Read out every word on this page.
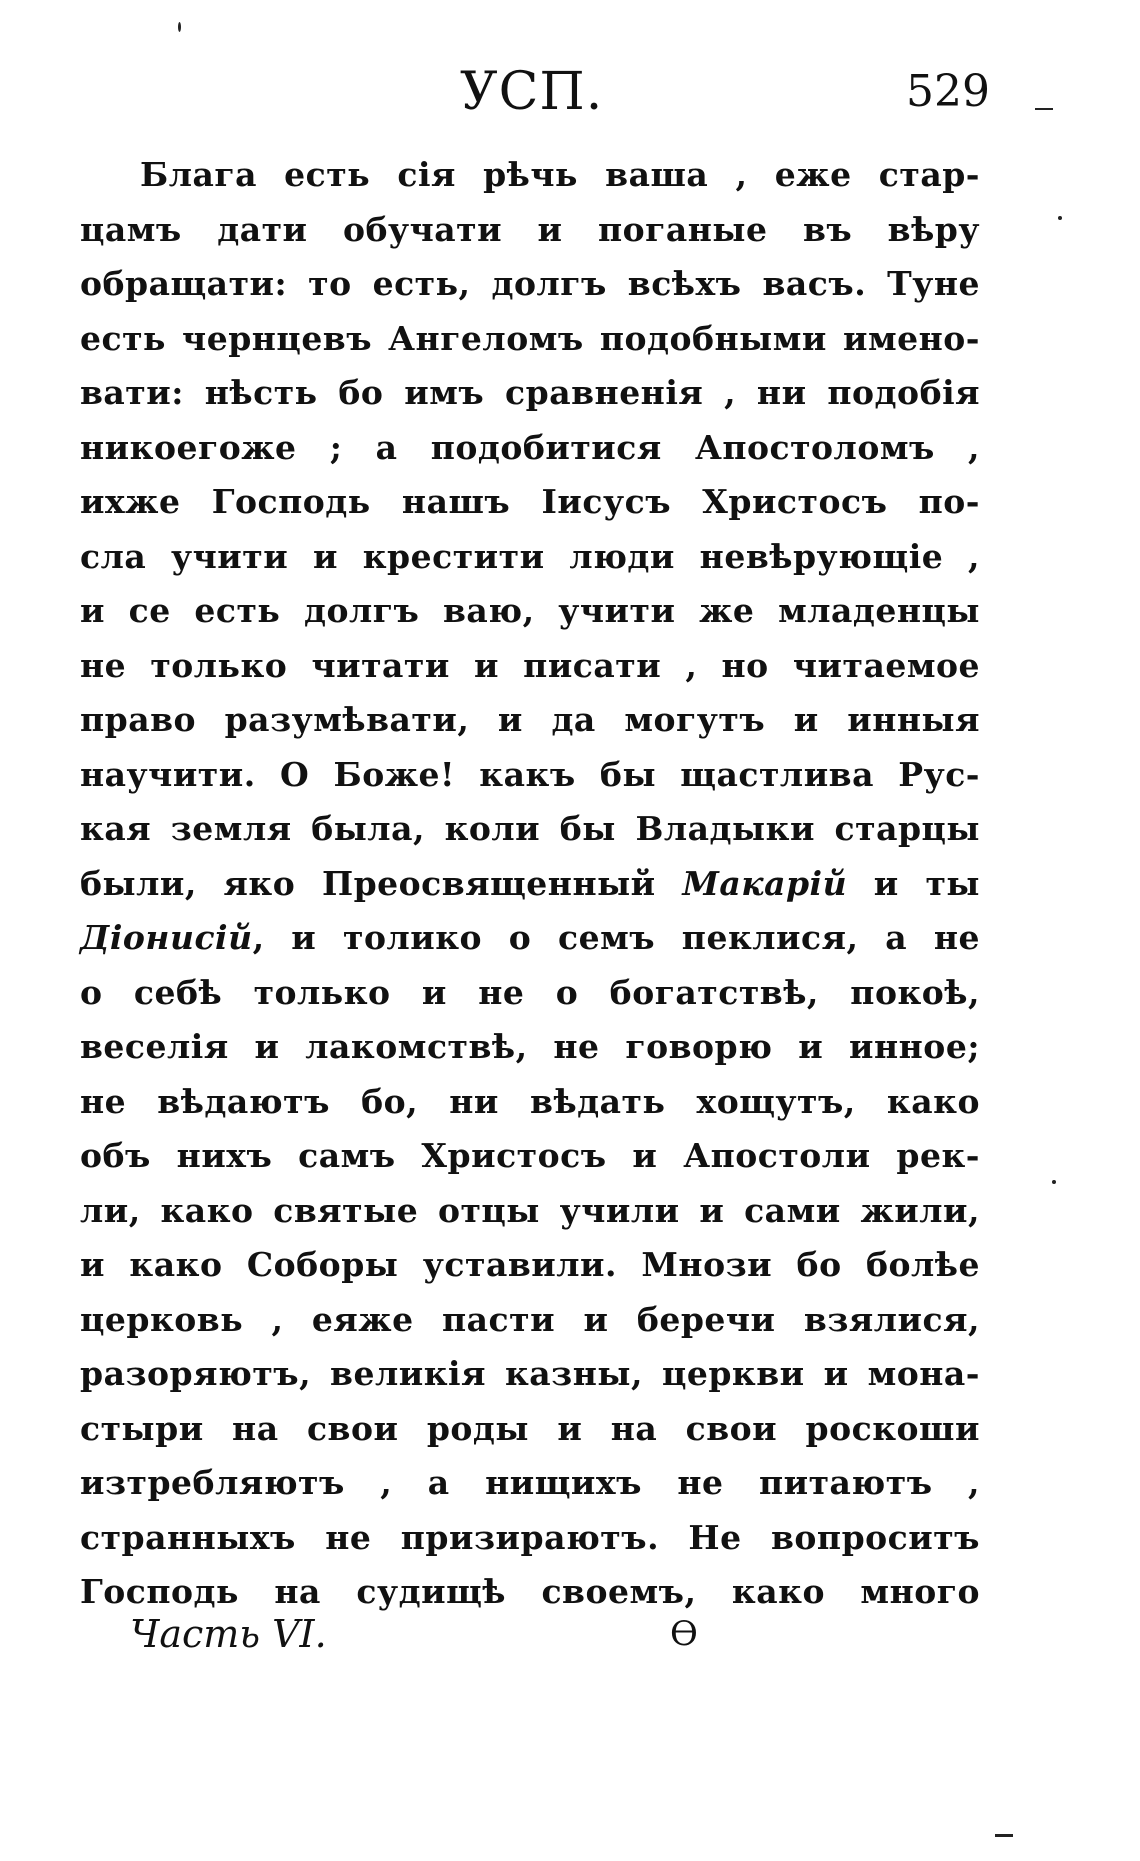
УСП.	529
Блага есть сія рѣчь ваша , еже стар-
цамъ дати обучати и поганые въ вѣру
обращати: то есть, долгъ всѣхъ васъ. Туне
есть чернцевъ Ангеломъ подобными имено-
вати: нѣсть бо имъ сравненія , ни подобія
никоегоже ; а подобитися Апостоломъ ,
ихже Господь нашъ Іисусъ Христосъ по-
сла учити и крестити люди невѣрующіе ,
и се есть долгъ ваю, учити же младенцы
не только читати и писати , но читаемое
право разумѣвати, и да могутъ и инныя
научити. О Боже! какъ бы щастлива Рус-
кая земля была, коли бы Владыки старцы
были, яко Преосвященный Макарій и ты
Діонисій, и толико о семъ пеклися, а не
о себѣ только и не о богатствѣ, покоѣ,
веселія и лакомствѣ, не говорю и инное;
не вѣдаютъ бо, ни вѣдать хощутъ, како
объ нихъ самъ Христосъ и Апостоли рек-
ли, како святые отцы учили и сами жили,
и како Соборы уставили. Мнози бо болѣе
церковь , еяже пасти и беречи взялися,
разоряютъ, великія казны, церкви и мона-
стыри на свои роды и на свои роскоши
изтребляютъ , а нищихъ не питаютъ ,
странныхъ не призираютъ. Не вопроситъ
Господь на судищѣ своемъ, како много
Часть VI.	Ѳ
